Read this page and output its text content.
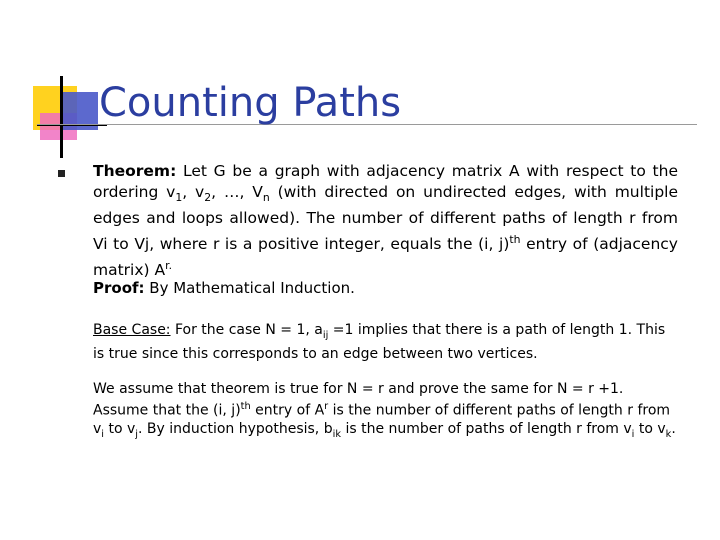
Counting Paths
Theorem: Let G be a graph with adjacency matrix A with respect to the ordering $v_1$, $v_2$, …, $V_n$ (with directed on undirected edges, with multiple edges and loops allowed). The number of different paths of length r from Vi to Vj, where r is a positive integer, equals the (i, j)$^{th}$ entry of (adjacency matrix) $A^{r.}$
Proof: By Mathematical Induction.
Base Case: For the case N = 1, $a_{ij} =1$ implies that there is a path of length 1. This is true since this corresponds to an edge between two vertices.
We assume that theorem is true for N = r and prove the same for N = r +1. Assume that the (i, j)$^{th}$ entry of $A^r$ is the number of different paths of length r from $v_i$ to $v_j$. By induction hypothesis, $b_{ik}$ is the number of paths of length r from $v_i$ to $v_k$.
